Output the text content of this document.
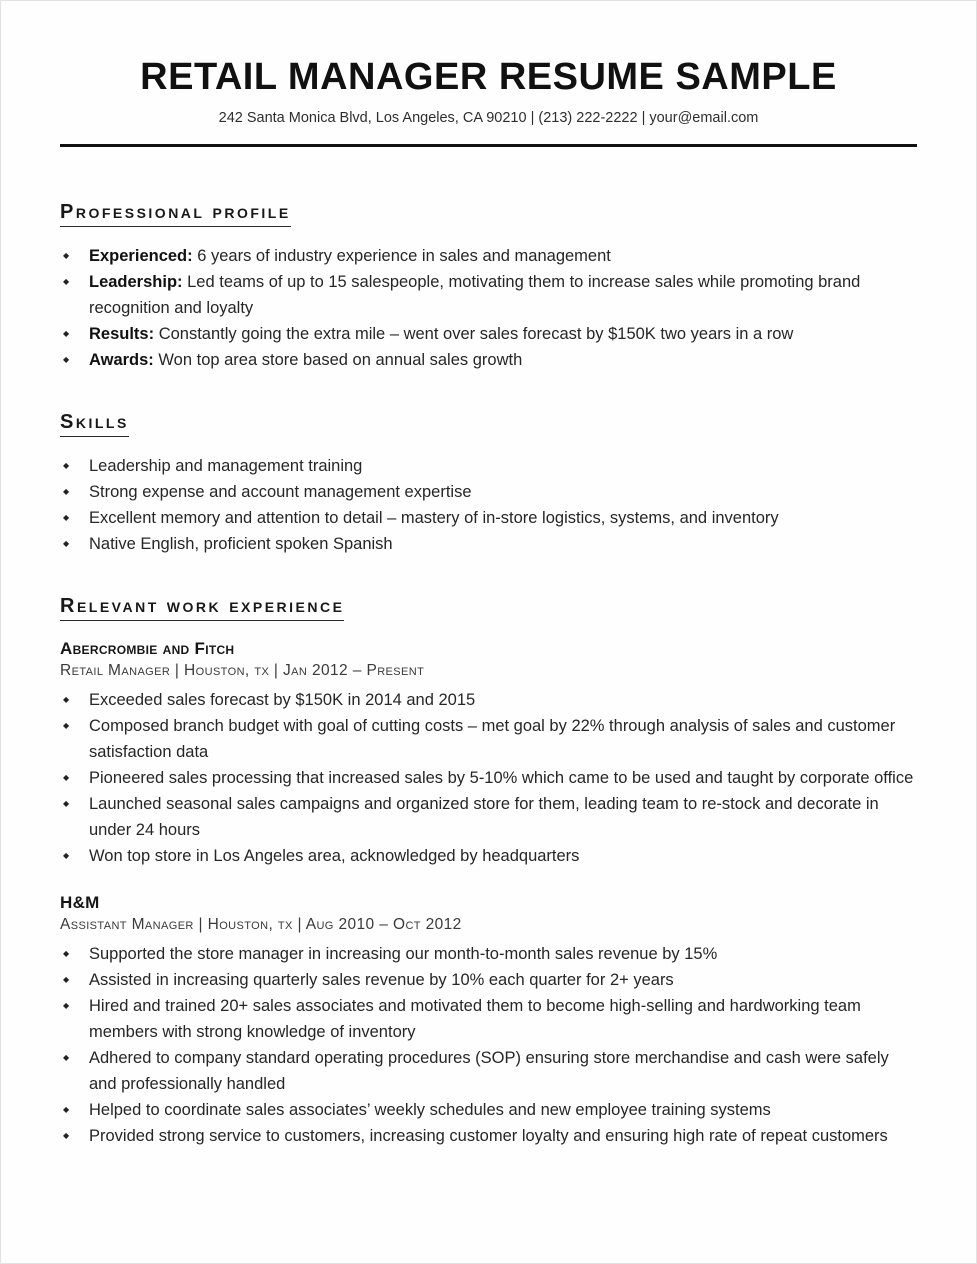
RETAIL MANAGER RESUME SAMPLE
242 Santa Monica Blvd, Los Angeles, CA 90210 | (213) 222-2222 | your@email.com
Professional profile
◆	Experienced: 6 years of industry experience in sales and management
◆	Leadership: Led teams of up to 15 salespeople, motivating them to increase sales while promoting brand recognition and loyalty
◆	Results: Constantly going the extra mile – went over sales forecast by $150K two years in a row
◆	Awards: Won top area store based on annual sales growth
Skills
◆	Leadership and management training
◆	Strong expense and account management expertise
◆	Excellent memory and attention to detail – mastery of in-store logistics, systems, and inventory
◆	Native English, proficient spoken Spanish
Relevant work experience
Abercrombie and Fitch
Retail Manager | Houston, tx | Jan 2012 – Present
◆	Exceeded sales forecast by $150K in 2014 and 2015
◆	Composed branch budget with goal of cutting costs – met goal by 22% through analysis of sales and customer satisfaction data
◆	Pioneered sales processing that increased sales by 5-10% which came to be used and taught by corporate office
◆	Launched seasonal sales campaigns and organized store for them, leading team to re-stock and decorate in under 24 hours
◆	Won top store in Los Angeles area, acknowledged by headquarters
H&M
Assistant Manager | Houston, tx | Aug 2010 – Oct 2012
◆	Supported the store manager in increasing our month-to-month sales revenue by 15%
◆	Assisted in increasing quarterly sales revenue by 10% each quarter for 2+ years
◆	Hired and trained 20+ sales associates and motivated them to become high-selling and hardworking team members with strong knowledge of inventory
◆	Adhered to company standard operating procedures (SOP) ensuring store merchandise and cash were safely and professionally handled
◆	Helped to coordinate sales associates’ weekly schedules and new employee training systems
◆	Provided strong service to customers, increasing customer loyalty and ensuring high rate of repeat customers
